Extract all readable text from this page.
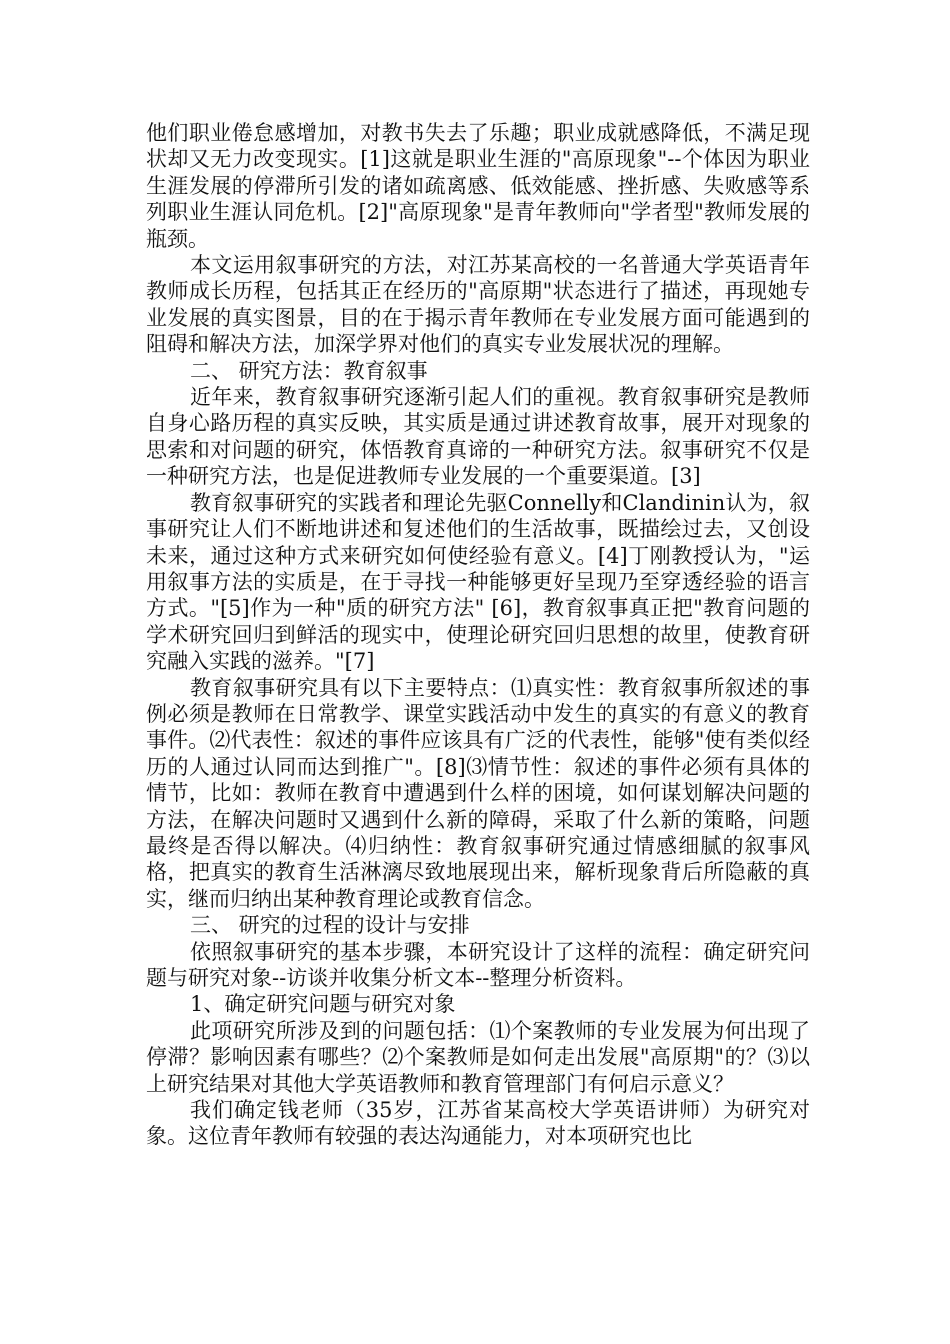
他们职业倦怠感增加，对教书失去了乐趣；职业成就感降低，不满足现状却又无力改变现实。[1]这就是职业生涯的"高原现象"--个体因为职业生涯发展的停滞所引发的诸如疏离感、低效能感、挫折感、失败感等系列职业生涯认同危机。[2]"高原现象"是青年教师向"学者型"教师发展的瓶颈。

本文运用叙事研究的方法，对江苏某高校的一名普通大学英语青年教师成长历程，包括其正在经历的"高原期"状态进行了描述，再现她专业发展的真实图景，目的在于揭示青年教师在专业发展方面可能遇到的阻碍和解决方法，加深学界对他们的真实专业发展状况的理解。

二、 研究方法：教育叙事

近年来，教育叙事研究逐渐引起人们的重视。教育叙事研究是教师自身心路历程的真实反映，其实质是通过讲述教育故事，展开对现象的思索和对问题的研究，体悟教育真谛的一种研究方法。叙事研究不仅是一种研究方法，也是促进教师专业发展的一个重要渠道。[3]

教育叙事研究的实践者和理论先驱Connelly和Clandinin认为，叙事研究让人们不断地讲述和复述他们的生活故事，既描绘过去，又创设未来，通过这种方式来研究如何使经验有意义。[4]丁刚教授认为，"运用叙事方法的实质是，在于寻找一种能够更好呈现乃至穿透经验的语言方式。"[5]作为一种"质的研究方法" [6]，教育叙事真正把"教育问题的学术研究回归到鲜活的现实中，使理论研究回归思想的故里，使教育研究融入实践的滋养。"[7]

教育叙事研究具有以下主要特点：⑴真实性：教育叙事所叙述的事例必须是教师在日常教学、课堂实践活动中发生的真实的有意义的教育事件。⑵代表性：叙述的事件应该具有广泛的代表性，能够"使有类似经历的人通过认同而达到推广"。[8]⑶情节性：叙述的事件必须有具体的情节，比如：教师在教育中遭遇到什么样的困境，如何谋划解决问题的方法，在解决问题时又遇到什么新的障碍，采取了什么新的策略，问题最终是否得以解决。⑷归纳性：教育叙事研究通过情感细腻的叙事风格，把真实的教育生活淋漓尽致地展现出来，解析现象背后所隐蔽的真实，继而归纳出某种教育理论或教育信念。

三、 研究的过程的设计与安排

依照叙事研究的基本步骤，本研究设计了这样的流程：确定研究问题与研究对象--访谈并收集分析文本--整理分析资料。

1、确定研究问题与研究对象

此项研究所涉及到的问题包括：⑴个案教师的专业发展为何出现了停滞？影响因素有哪些？⑵个案教师是如何走出发展"高原期"的？⑶以上研究结果对其他大学英语教师和教育管理部门有何启示意义？

我们确定钱老师（35岁，江苏省某高校大学英语讲师）为研究对象。这位青年教师有较强的表达沟通能力，对本项研究也比
